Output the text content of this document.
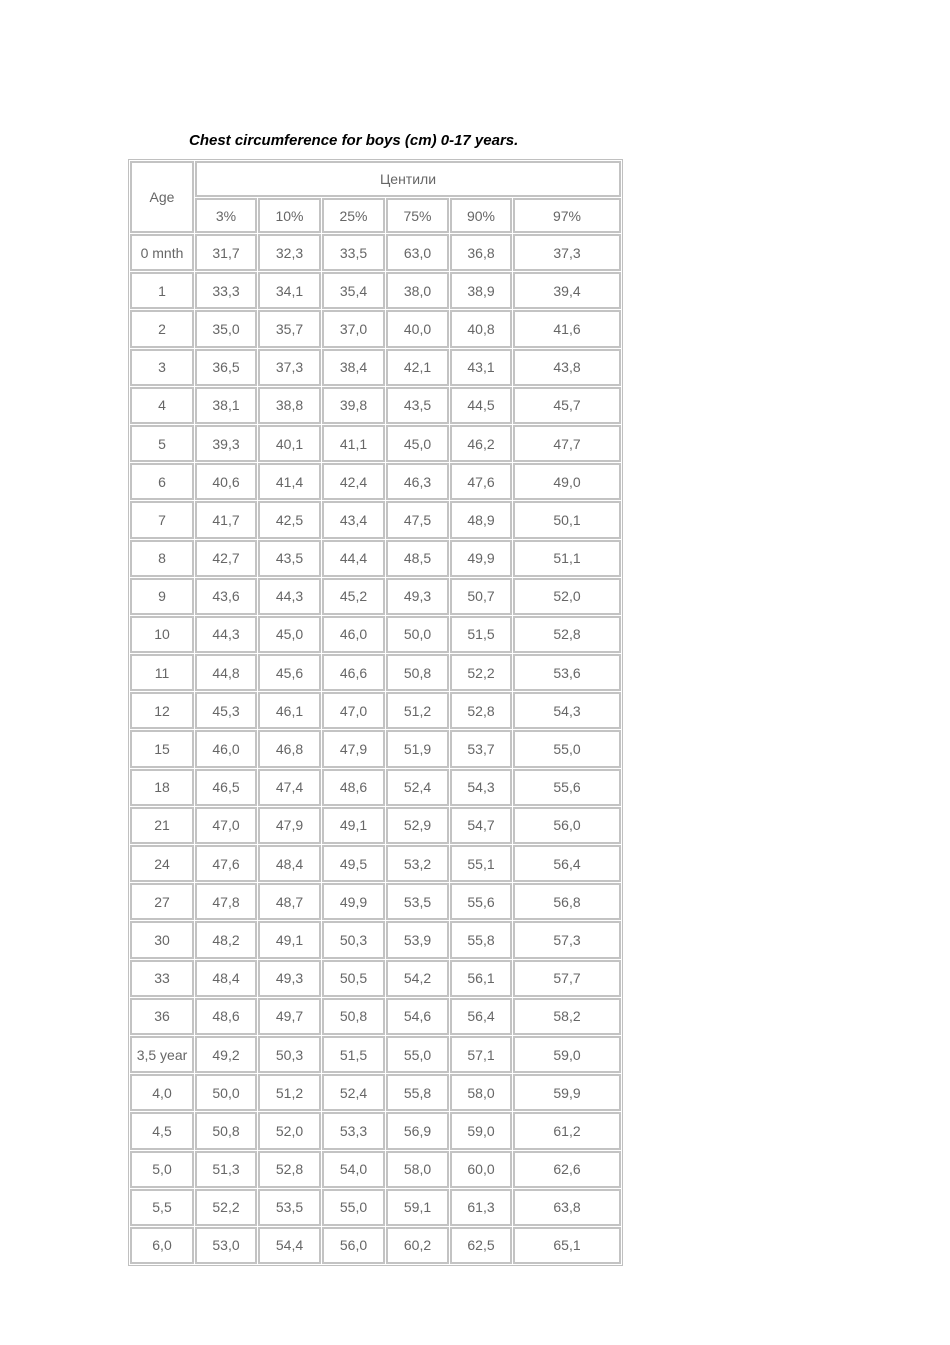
Chest circumference for boys (cm) 0-17 years.
Age	Центили					
	3%	10%	25%	75%	90%	97%
0 mnth	31,7	32,3	33,5	63,0	36,8	37,3
1	33,3	34,1	35,4	38,0	38,9	39,4
2	35,0	35,7	37,0	40,0	40,8	41,6
3	36,5	37,3	38,4	42,1	43,1	43,8
4	38,1	38,8	39,8	43,5	44,5	45,7
5	39,3	40,1	41,1	45,0	46,2	47,7
6	40,6	41,4	42,4	46,3	47,6	49,0
7	41,7	42,5	43,4	47,5	48,9	50,1
8	42,7	43,5	44,4	48,5	49,9	51,1
9	43,6	44,3	45,2	49,3	50,7	52,0
10	44,3	45,0	46,0	50,0	51,5	52,8
11	44,8	45,6	46,6	50,8	52,2	53,6
12	45,3	46,1	47,0	51,2	52,8	54,3
15	46,0	46,8	47,9	51,9	53,7	55,0
18	46,5	47,4	48,6	52,4	54,3	55,6
21	47,0	47,9	49,1	52,9	54,7	56,0
24	47,6	48,4	49,5	53,2	55,1	56,4
27	47,8	48,7	49,9	53,5	55,6	56,8
30	48,2	49,1	50,3	53,9	55,8	57,3
33	48,4	49,3	50,5	54,2	56,1	57,7
36	48,6	49,7	50,8	54,6	56,4	58,2
3,5 year	49,2	50,3	51,5	55,0	57,1	59,0
4,0	50,0	51,2	52,4	55,8	58,0	59,9
4,5	50,8	52,0	53,3	56,9	59,0	61,2
5,0	51,3	52,8	54,0	58,0	60,0	62,6
5,5	52,2	53,5	55,0	59,1	61,3	63,8
6,0	53,0	54,4	56,0	60,2	62,5	65,1
